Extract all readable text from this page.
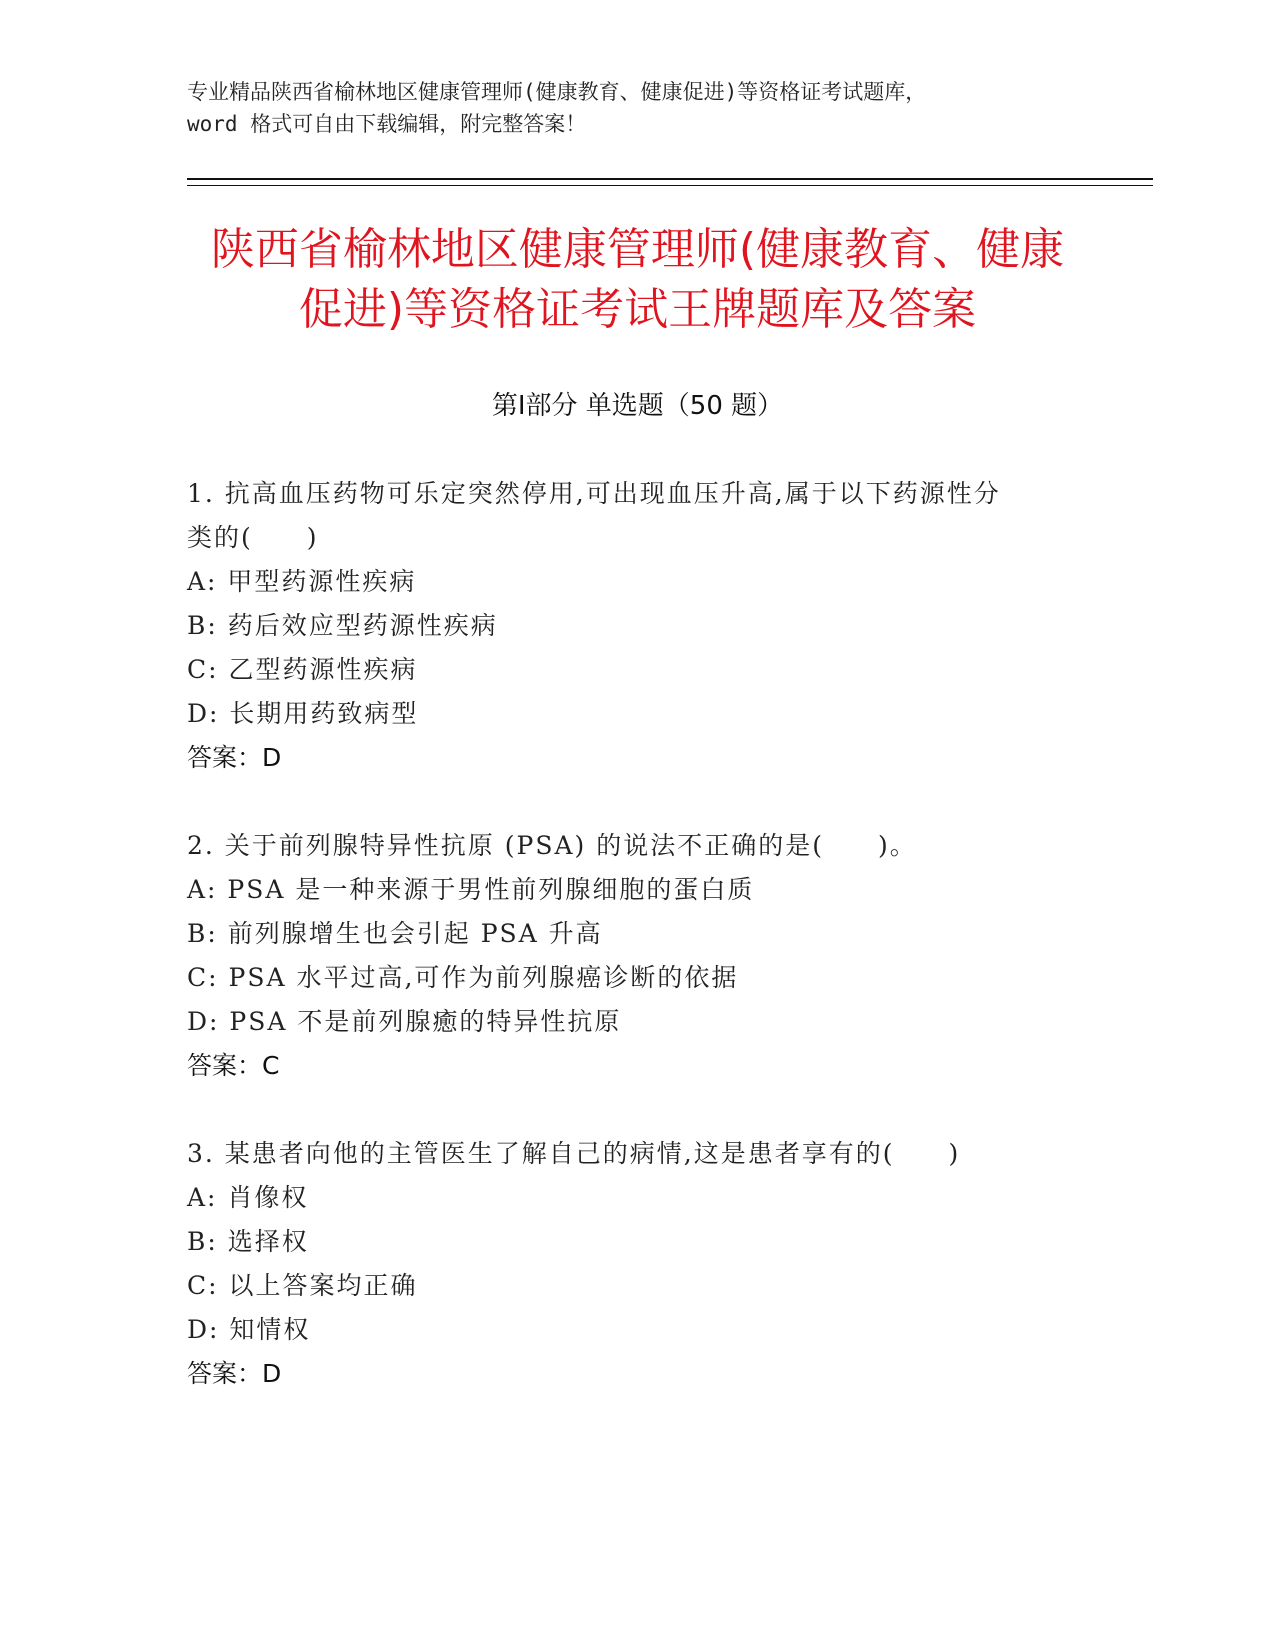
专业精品陕西省榆林地区健康管理师(健康教育、健康促进)等资格证考试题库，
word 格式可自由下载编辑，附完整答案！
陕西省榆林地区健康管理师(健康教育、健康
促进)等资格证考试王牌题库及答案
第Ⅰ部分 单选题（50 题）
1. 抗高血压药物可乐定突然停用,可出现血压升高,属于以下药源性分
类的(　　)
A: 甲型药源性疾病
B: 药后效应型药源性疾病
C: 乙型药源性疾病
D: 长期用药致病型
答案：D
2. 关于前列腺特异性抗原 (PSA) 的说法不正确的是(　　)。
A: PSA 是一种来源于男性前列腺细胞的蛋白质
B: 前列腺增生也会引起 PSA 升高
C: PSA 水平过高,可作为前列腺癌诊断的依据
D: PSA 不是前列腺癒的特异性抗原
答案：C
3. 某患者向他的主管医生了解自己的病情,这是患者享有的(　　)
A: 肖像权
B: 选择权
C: 以上答案均正确
D: 知情权
答案：D
